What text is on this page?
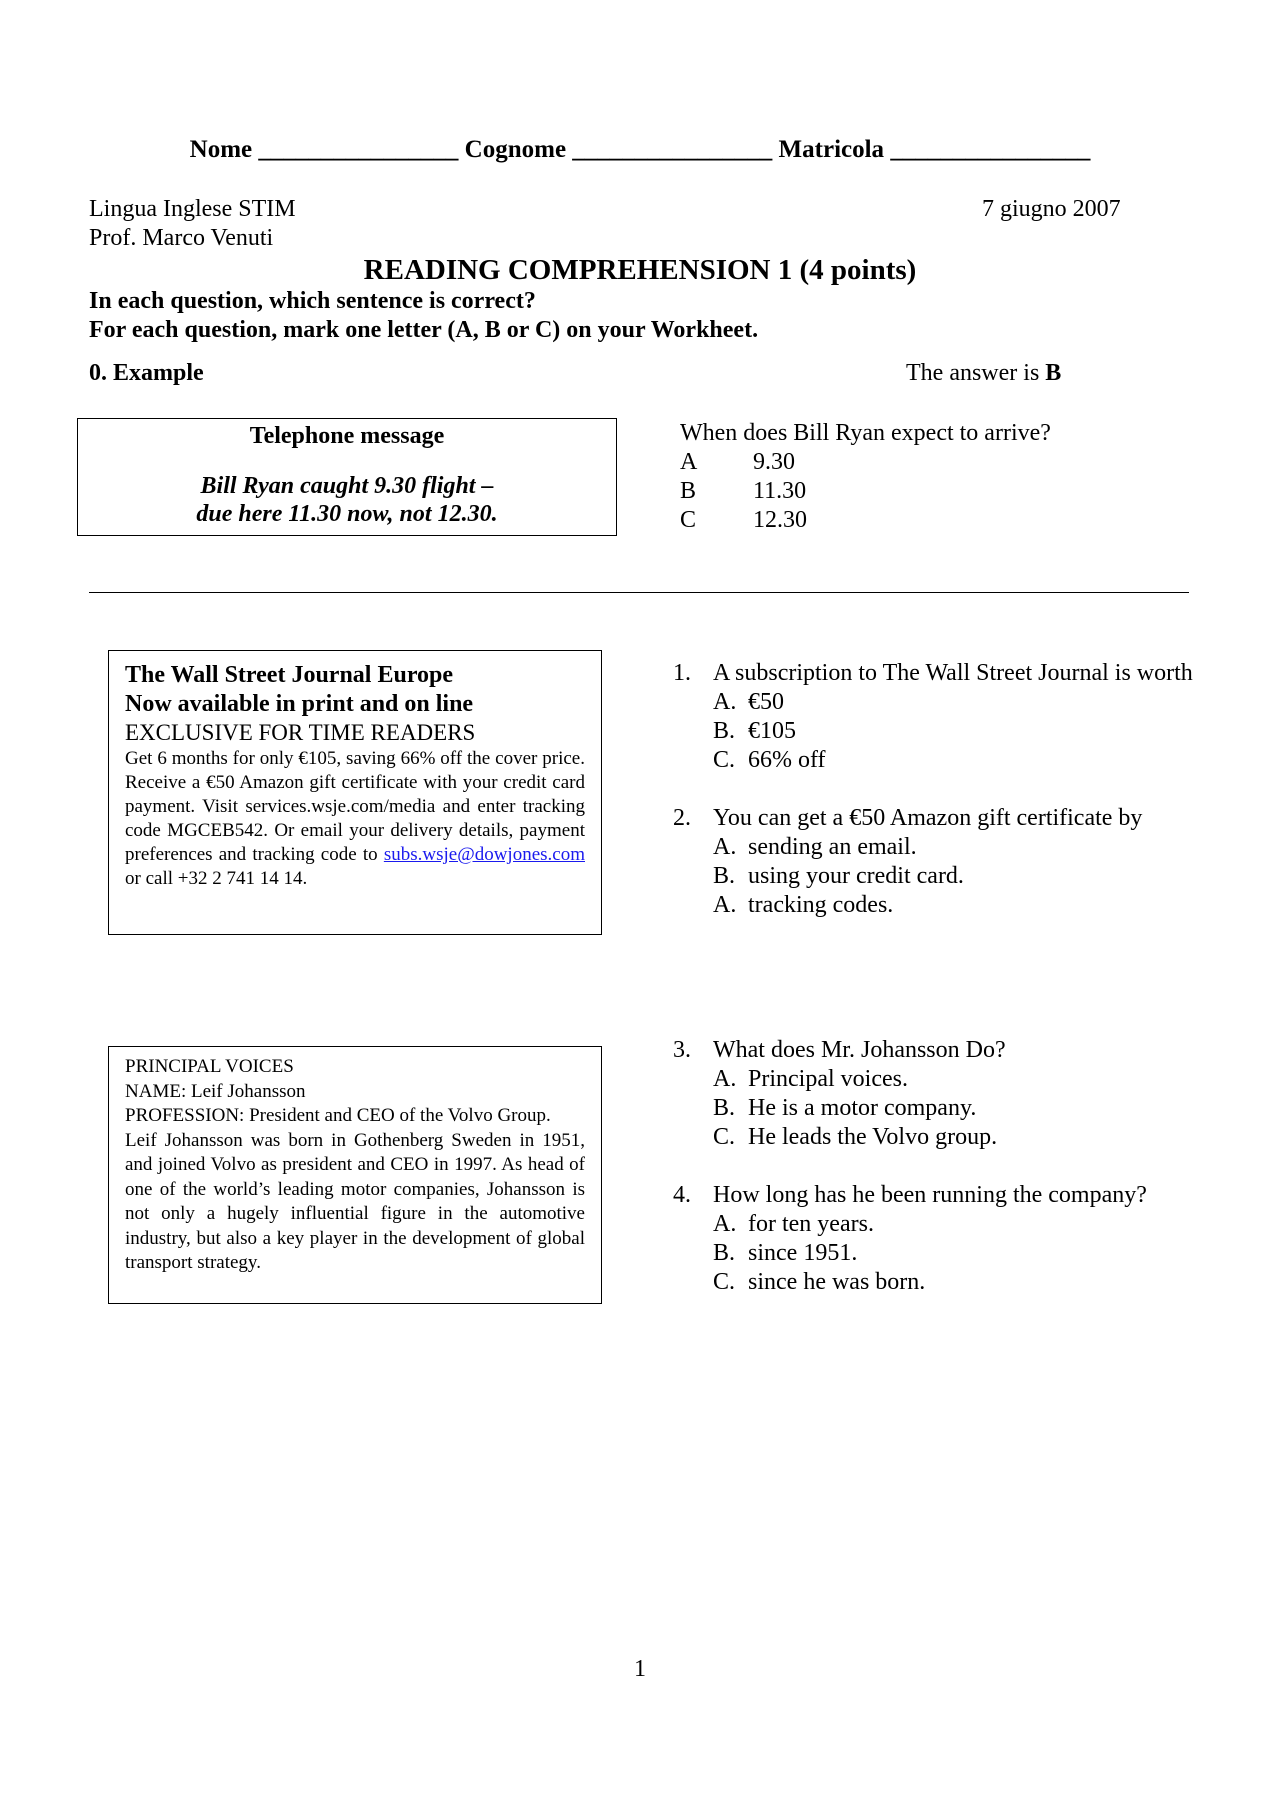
Nome ________________ Cognome ________________ Matricola ________________
Lingua Inglese STIM
Prof. Marco Venuti
7 giugno 2007
READING COMPREHENSION 1 (4 points)
In each question, which sentence is correct?
For each question, mark one letter (A, B or C) on your Workheet.
0. Example	The answer is B
Telephone message
Bill Ryan caught 9.30 flight –
due here 11.30 now, not 12.30.
When does Bill Ryan expect to arrive?
A 9.30
B 11.30
C 12.30
The Wall Street Journal Europe
Now available in print and on line
EXCLUSIVE FOR TIME READERS
Get 6 months for only €105, saving 66% off the cover price. Receive a €50 Amazon gift certificate with your credit card payment. Visit services.wsje.com/media and enter tracking code MGCEB542. Or email your delivery details, payment preferences and tracking code to subs.wsje@dowjones.com or call +32 2 741 14 14.
PRINCIPAL VOICES
NAME: Leif Johansson
PROFESSION: President and CEO of the Volvo Group.
Leif Johansson was born in Gothenberg Sweden in 1951, and joined Volvo as president and CEO in 1997. As head of one of the world’s leading motor companies, Johansson is not only a hugely influential figure in the automotive industry, but also a key player in the development of global transport strategy.
1. A subscription to The Wall Street Journal is worth
A. €50
B. €105
C. 66% off
2. You can get a €50 Amazon gift certificate by
A. sending an email.
B. using your credit card.
A. tracking codes.
3. What does Mr. Johansson Do?
A. Principal voices.
B. He is a motor company.
C. He leads the Volvo group.
4. How long has he been running the company?
A. for ten years.
B. since 1951.
C. since he was born.
1
